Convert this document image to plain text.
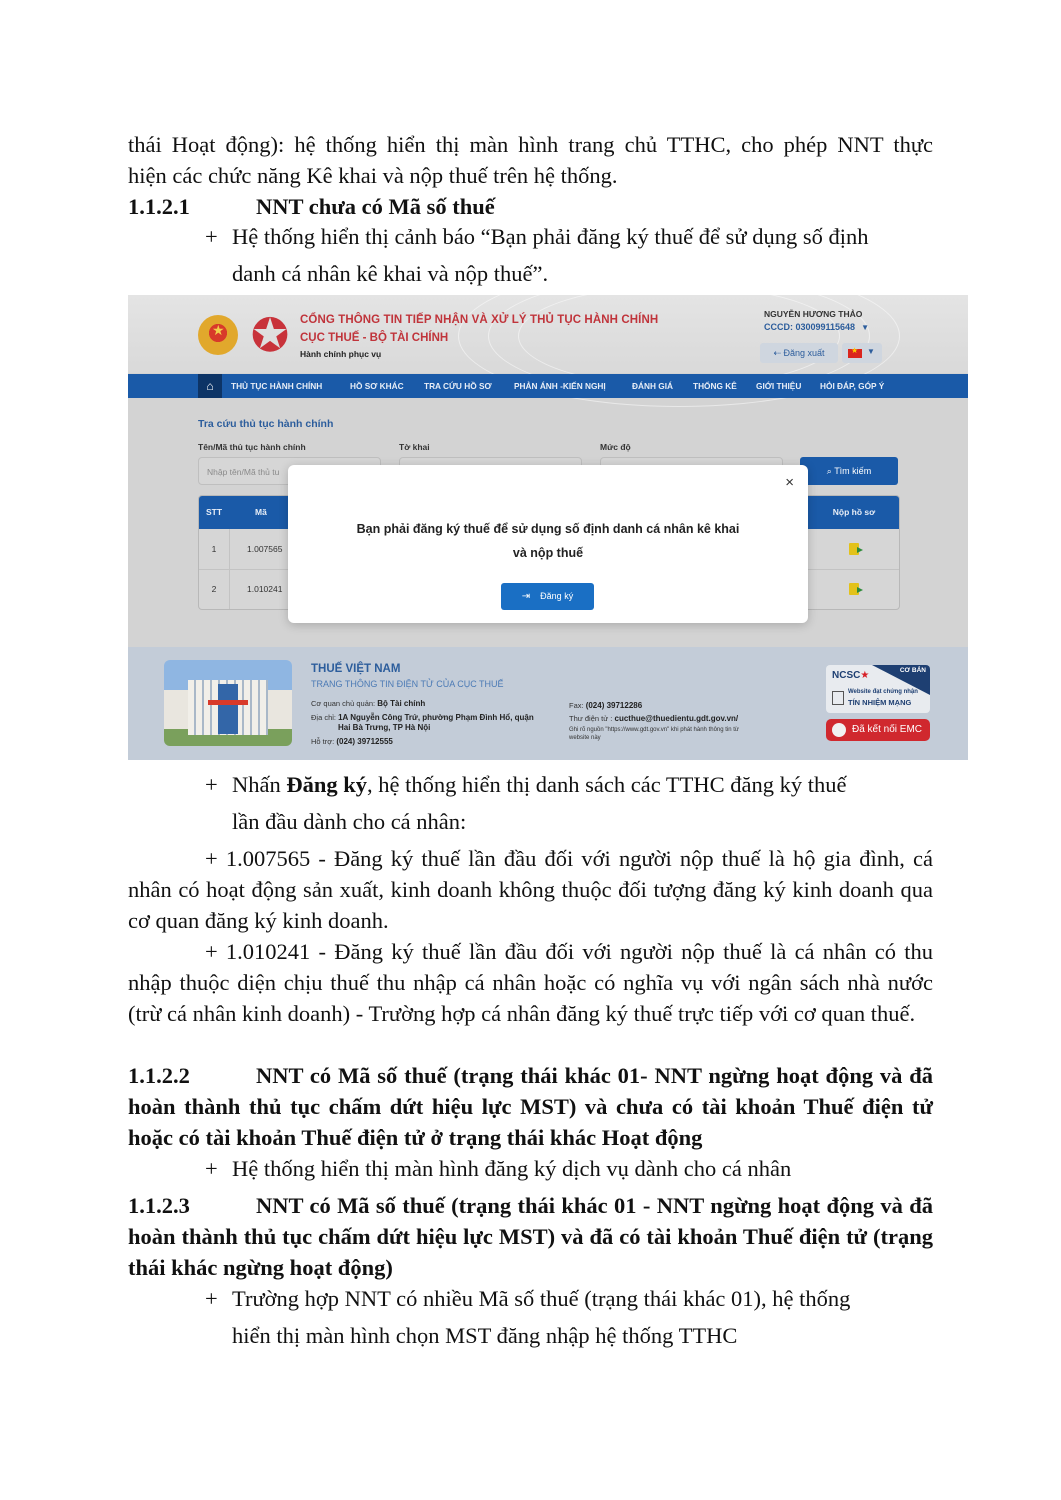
thái Hoạt động): hệ thống hiển thị màn hình trang chủ TTHC, cho phép NNT thực
hiện các chức năng Kê khai và nộp thuế trên hệ thống.
1.1.2.1	NNT chưa có Mã số thuế
+ Hệ thống hiển thị cảnh báo “Bạn phải đăng ký thuế để sử dụng số định
danh cá nhân kê khai và nộp thuế”.
★ ✪ CỔNG THÔNG TIN TIẾP NHẬN VÀ XỬ LÝ THỦ TỤC HÀNH CHÍNH
CỤC THUẾ - BỘ TÀI CHÍNH
Hành chính phục vụ
NGUYỄN HƯƠNG THẢO
CCCD: 030099115648 ▼
⇠ Đăng xuất ★	▼
⌂	THỦ TỤC HÀNH CHÍNH	HỒ SƠ KHÁC TRA CỨU HỒ SƠ	PHẢN ÁNH -KIẾN NGHỊ	ĐÁNH GIÁ THỐNG KÊ GIỚI THIỆU HỎI ĐÁP, GÓP Ý
Tra cứu thủ tục hành chính
Tên/Mã thủ tục hành chính	Tờ khai	Mức độ
Nhập tên/Mã thủ tu	⌕ Tìm kiếm
STT	Mã	Nộp hồ sơ
1	1.007565
2	1.010241
×
Bạn phải đăng ký thuế để sử dụng số định danh cá nhân kê khai
và nộp thuế
⇥ Đăng ký
THUẾ VIỆT NAM
TRANG THÔNG TIN ĐIỆN TỬ CỦA CỤC THUẾ
Cơ quan chủ quản: Bộ Tài chính
Địa chỉ: 1A Nguyễn Công Trứ, phường Phạm Đình Hổ, quận
Hai Bà Trưng, TP Hà Nội
Hỗ trợ: (024) 39712555
Fax: (024) 39712286
Thư điện tử : cucthue@thuedientu.gdt.gov.vn/
Ghi rõ nguồn "https://www.gdt.gov.vn" khi phát hành thông tin từ
website này
CƠ BẢN
NCSC★
Website đạt chứng nhận
TÍN NHIỆM MẠNG
Đã kết nối EMC
+ Nhấn Đăng ký, hệ thống hiển thị danh sách các TTHC đăng ký thuế
lần đầu dành cho cá nhân:
+ 1.007565 - Đăng ký thuế lần đầu đối với người nộp thuế là hộ gia đình, cá nhân có hoạt động sản xuất, kinh doanh không thuộc đối tượng đăng ký kinh doanh qua cơ quan đăng ký kinh doanh.
+ 1.010241 - Đăng ký thuế lần đầu đối với người nộp thuế là cá nhân có thu nhập thuộc diện chịu thuế thu nhập cá nhân hoặc có nghĩa vụ với ngân sách nhà nước (trừ cá nhân kinh doanh) - Trường hợp cá nhân đăng ký thuế trực tiếp với cơ quan thuế.
1.1.2.2	NNT có Mã số thuế (trạng thái khác 01- NNT ngừng hoạt động và đã hoàn thành thủ tục chấm dứt hiệu lực MST) và chưa có tài khoản Thuế điện tử hoặc có tài khoản Thuế điện tử ở trạng thái khác Hoạt động
+ Hệ thống hiển thị màn hình đăng ký dịch vụ dành cho cá nhân
1.1.2.3	NNT có Mã số thuế (trạng thái khác 01 - NNT ngừng hoạt động và đã hoàn thành thủ tục chấm dứt hiệu lực MST) và đã có tài khoản Thuế điện tử (trạng thái khác ngừng hoạt động)
+ Trường hợp NNT có nhiều Mã số thuế (trạng thái khác 01), hệ thống
hiển thị màn hình chọn MST đăng nhập hệ thống TTHC
